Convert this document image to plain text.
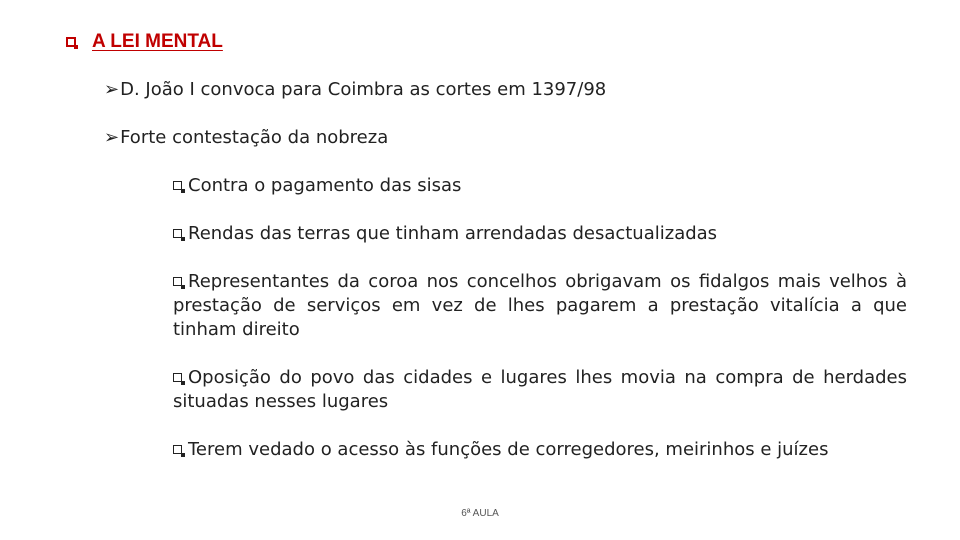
A LEI MENTAL
➢D. João I convoca para Coimbra as cortes em 1397/98
➢Forte contestação da nobreza
Contra o pagamento das sisas
Rendas das terras que tinham arrendadas desactualizadas
Representantes da coroa nos concelhos obrigavam os fidalgos mais velhos à prestação de serviços em vez de lhes pagarem a prestação vitalícia a que tinham direito
Oposição do povo das cidades e lugares lhes movia na compra de herdades situadas nesses lugares
Terem vedado o acesso às funções de corregedores, meirinhos e juízes
6ª AULA
